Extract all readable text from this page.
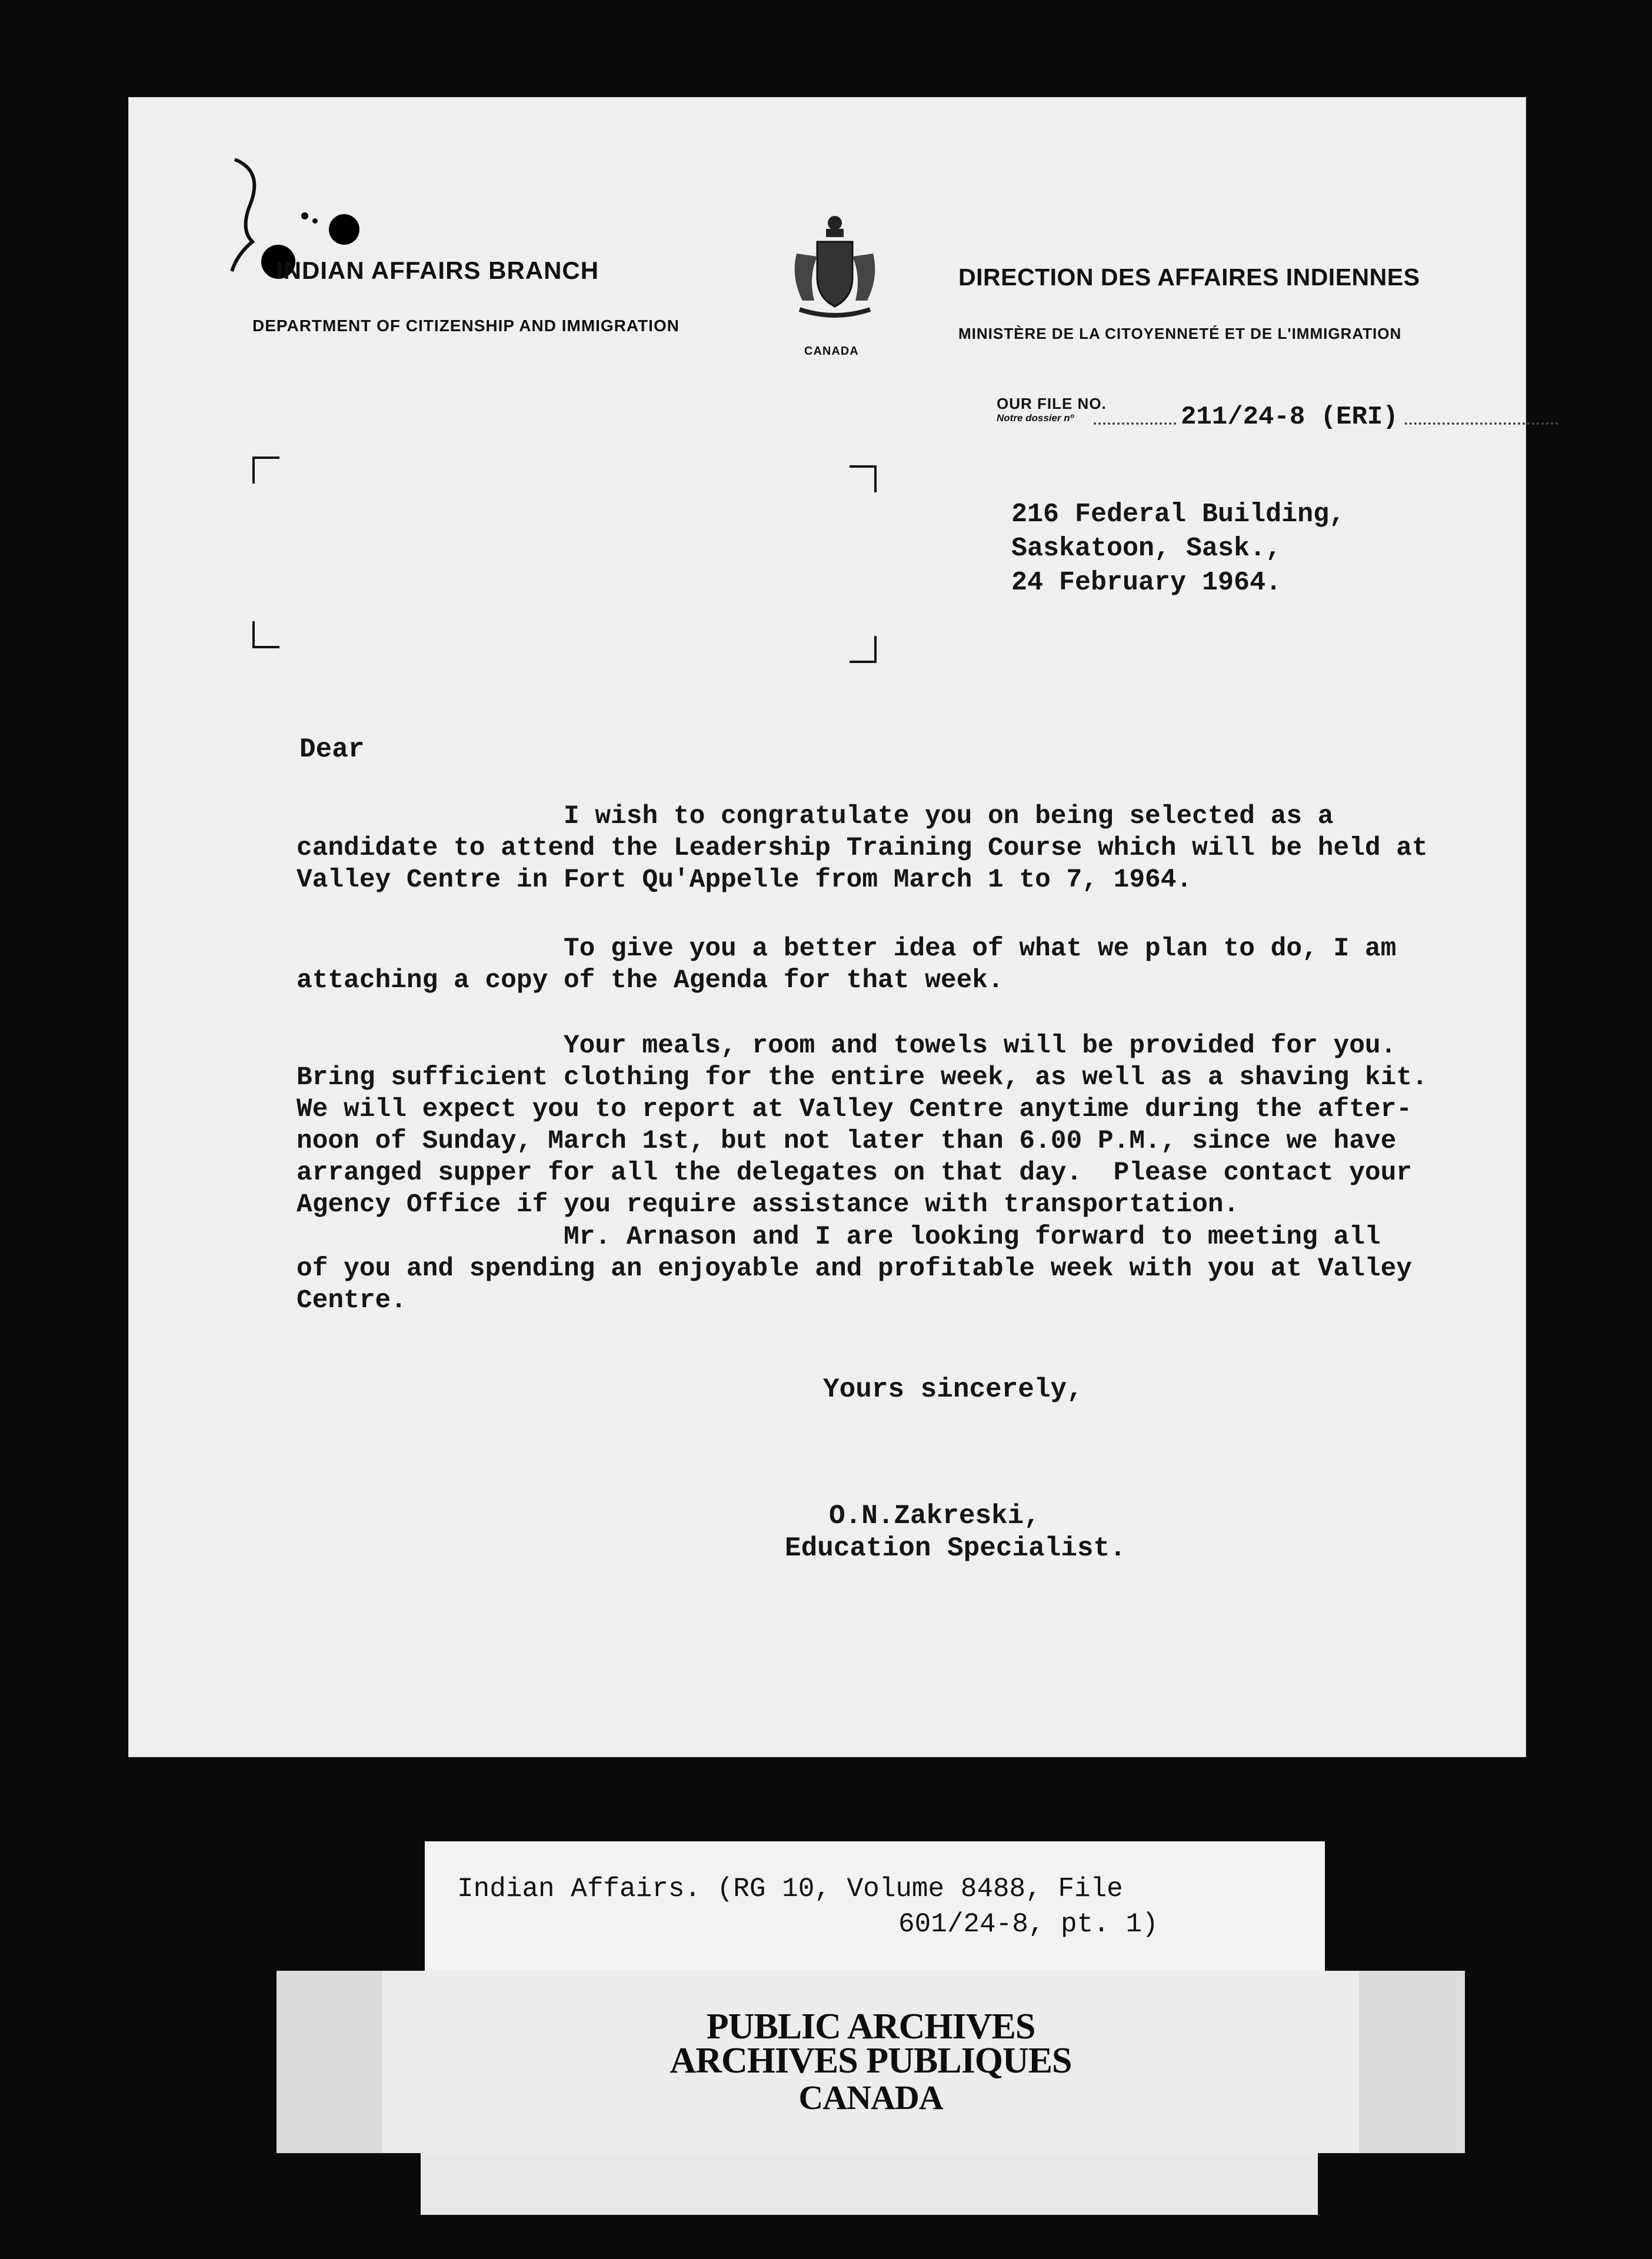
INDIAN AFFAIRS BRANCH
DEPARTMENT OF CITIZENSHIP AND IMMIGRATION
CANADA
DIRECTION DES AFFAIRES INDIENNES
MINISTÈRE DE LA CITOYENNETÉ ET DE L'IMMIGRATION
OUR FILE NO.
Notre dossier nº	211/24-8 (ERI)
216 Federal Building,
Saskatoon, Sask.,
24 February 1964.
Dear
I wish to congratulate you on being selected as a
candidate to attend the Leadership Training Course which will be held at
Valley Centre in Fort Qu'Appelle from March 1 to 7, 1964.
To give you a better idea of what we plan to do, I am
attaching a copy of the Agenda for that week.
Your meals, room and towels will be provided for you.
Bring sufficient clothing for the entire week, as well as a shaving kit.
We will expect you to report at Valley Centre anytime during the after-
noon of Sunday, March 1st, but not later than 6.00 P.M., since we have
arranged supper for all the delegates on that day.  Please contact your
Agency Office if you require assistance with transportation.
Mr. Arnason and I are looking forward to meeting all
of you and spending an enjoyable and profitable week with you at Valley
Centre.
Yours sincerely,
O.N.Zakreski,
Education Specialist.
Indian Affairs. (RG 10, Volume 8488, File
601/24-8, pt. 1)
PUBLIC ARCHIVES
ARCHIVES PUBLIQUES
CANADA
